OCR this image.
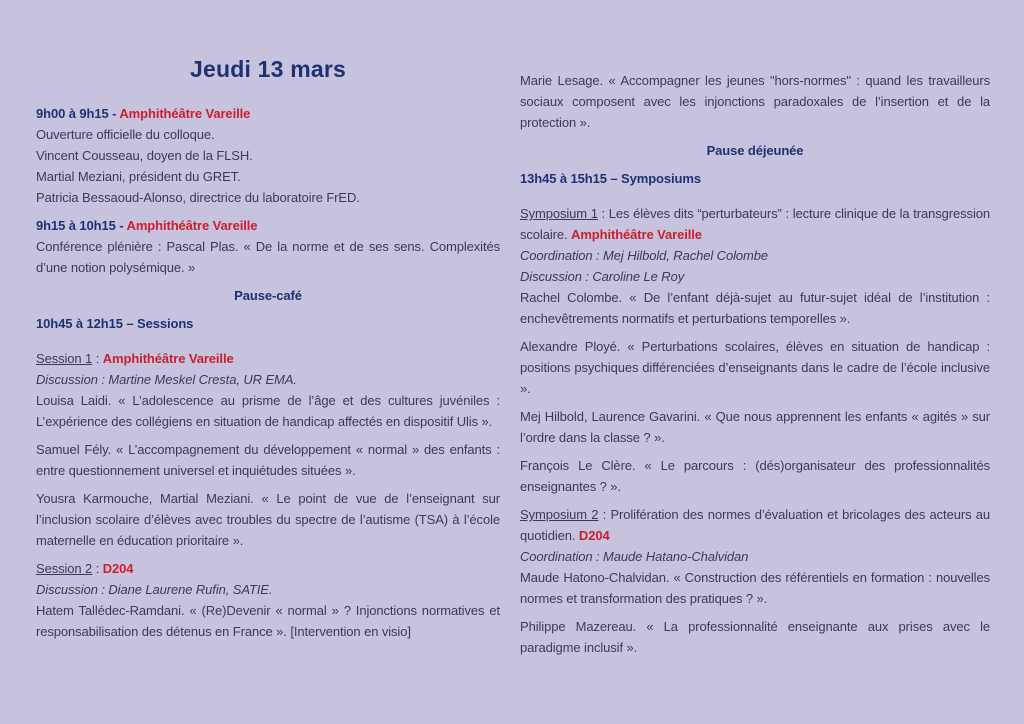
Jeudi 13 mars

9h00 à 9h15 - Amphithéâtre Vareille

Ouverture officielle du colloque.

Vincent Cousseau, doyen de la FLSH.

Martial Meziani, président du GRET.

Patricia Bessaoud-Alonso, directrice du laboratoire FrED.

9h15 à 10h15 - Amphithéâtre Vareille

Conférence plénière : Pascal Plas. « De la norme et de ses sens. Complexités d’une notion polysémique. »

Pause-café

10h45 à 12h15 – Sessions

Session 1 : Amphithéâtre Vareille

Discussion : Martine Meskel Cresta, UR EMA.

Louisa Laidi. « L’adolescence au prisme de l’âge et des cultures juvéniles : L’expérience des collégiens en situation de handicap affectés en dispositif Ulis ».

Samuel Fély. « L’accompagnement du développement « normal » des enfants : entre questionnement universel et inquiétudes situées ».

Yousra Karmouche, Martial Meziani. « Le point de vue de l’enseignant sur l’inclusion scolaire d’élèves avec troubles du spectre de l’autisme (TSA) à l’école maternelle en éducation prioritaire ».

Session 2 : D204

Discussion : Diane Laurene Rufin, SATIE.

Hatem Tallédec-Ramdani. « (Re)Devenir « normal » ? Injonctions normatives et responsabilisation des détenus en France ». [Intervention en visio]

Marie Lesage. « Accompagner les jeunes "hors-normes" : quand les travailleurs sociaux composent avec les injonctions paradoxales de l’insertion et de la protection ».

Pause déjeunée

13h45 à 15h15 – Symposiums

Symposium 1 : Les élèves dits “perturbateurs” : lecture clinique de la transgression scolaire. Amphithéâtre Vareille

Coordination : Mej Hilbold, Rachel Colombe

Discussion : Caroline Le Roy

Rachel Colombe. « De l’enfant déjà-sujet au futur-sujet idéal de l’institution : enchevêtrements normatifs et perturbations temporelles ».

Alexandre Ployé. « Perturbations scolaires, élèves en situation de handicap : positions psychiques différenciées d’enseignants dans le cadre de l’école inclusive ».

Mej Hilbold, Laurence Gavarini. « Que nous apprennent les enfants « agités » sur l’ordre dans la classe ? ».

François Le Clère. « Le parcours : (dés)organisateur des professionnalités enseignantes ? ».

Symposium 2 : Prolifération des normes d’évaluation et bricolages des acteurs au quotidien. D204

Coordination : Maude Hatano-Chalvidan

Maude Hatono-Chalvidan. « Construction des référentiels en formation : nouvelles normes et transformation des pratiques ? ».

Philippe Mazereau. « La professionnalité enseignante aux prises avec le paradigme inclusif ».
